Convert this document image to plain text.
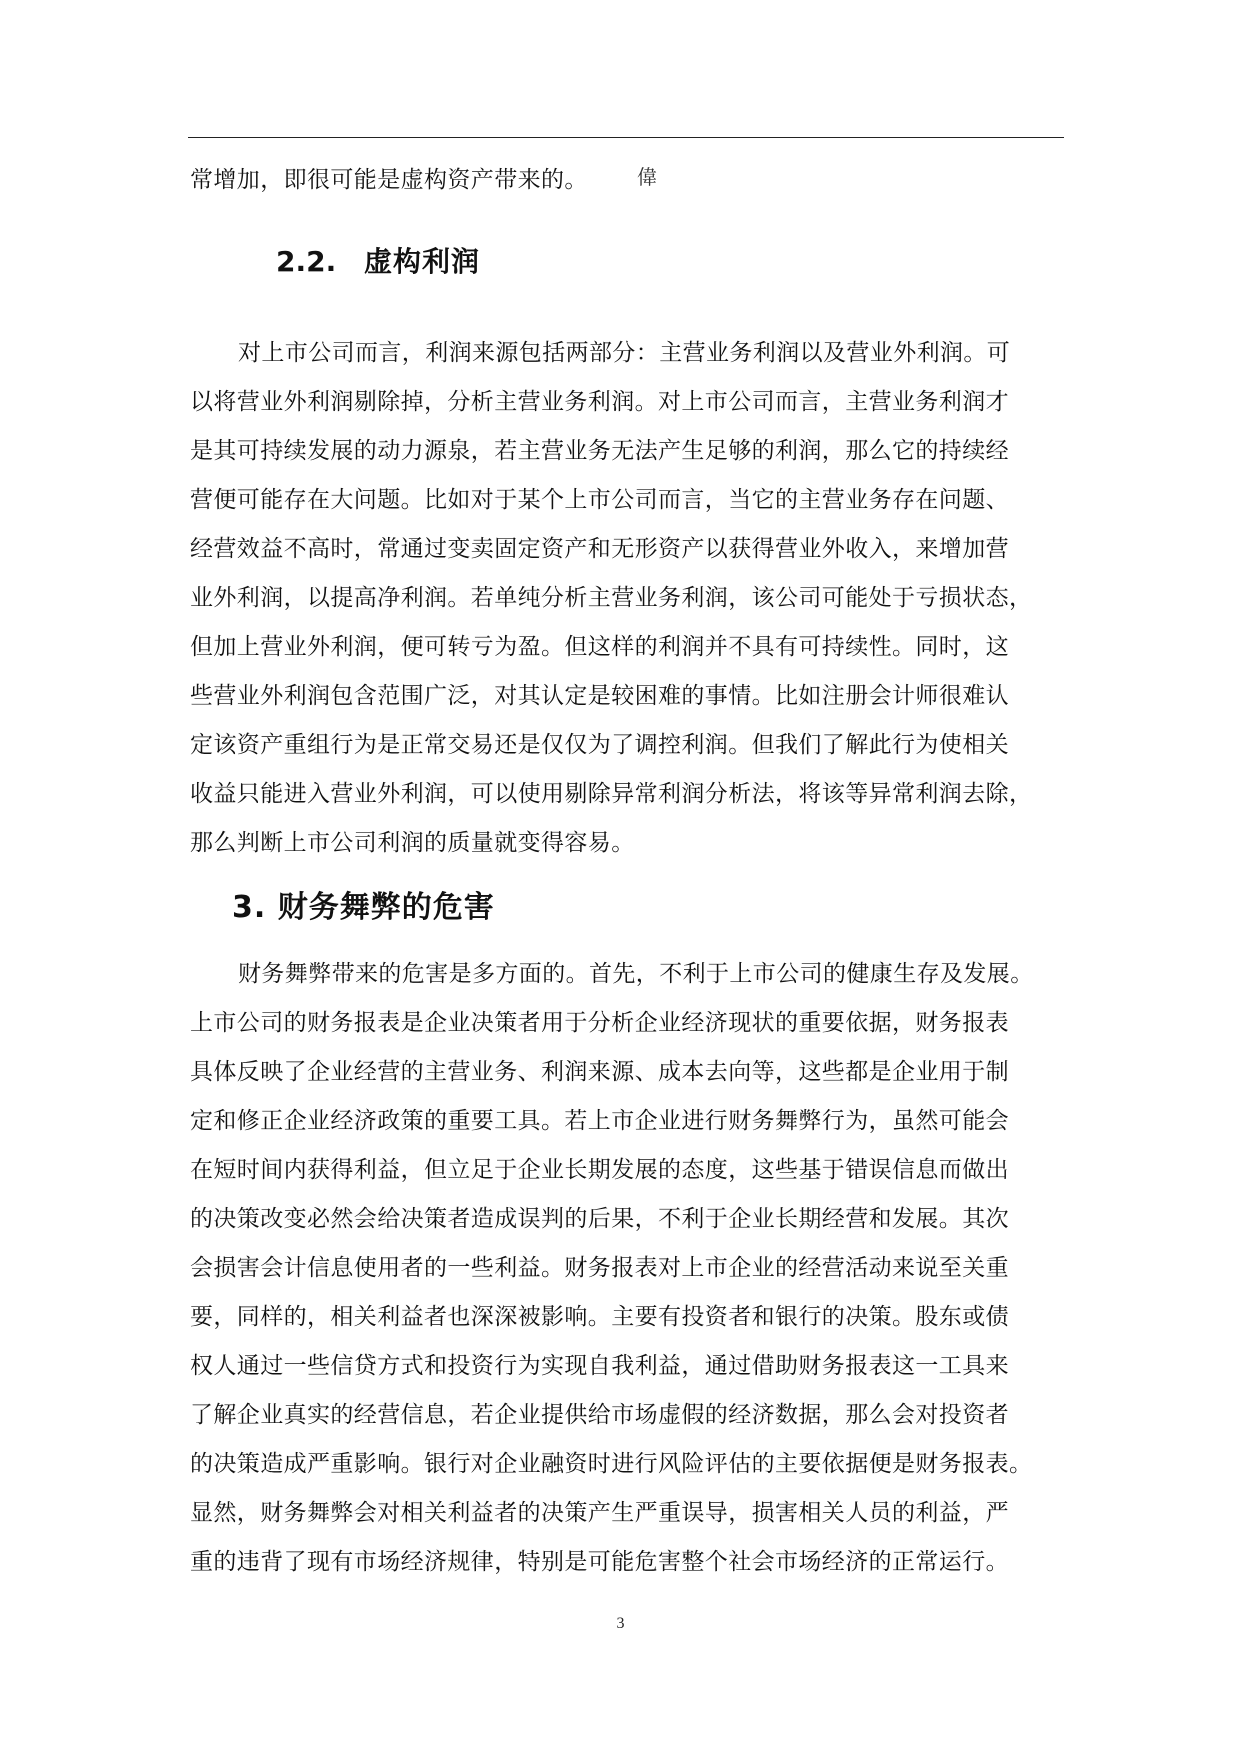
常增加，即很可能是虚构资产带来的。 偉
2.2. 虚构利润
对上市公司而言，利润来源包括两部分：主营业务利润以及营业外利润。可
以将营业外利润剔除掉，分析主营业务利润。对上市公司而言，主营业务利润才
是其可持续发展的动力源泉，若主营业务无法产生足够的利润，那么它的持续经
营便可能存在大问题。比如对于某个上市公司而言，当它的主营业务存在问题、
经营效益不高时，常通过变卖固定资产和无形资产以获得营业外收入，来增加营
业外利润，以提高净利润。若单纯分析主营业务利润，该公司可能处于亏损状态，
但加上营业外利润，便可转亏为盈。但这样的利润并不具有可持续性。同时，这
些营业外利润包含范围广泛，对其认定是较困难的事情。比如注册会计师很难认
定该资产重组行为是正常交易还是仅仅为了调控利润。但我们了解此行为使相关
收益只能进入营业外利润，可以使用剔除异常利润分析法，将该等异常利润去除，
那么判断上市公司利润的质量就变得容易。
3. 财务舞弊的危害
财务舞弊带来的危害是多方面的。首先，不利于上市公司的健康生存及发展。
上市公司的财务报表是企业决策者用于分析企业经济现状的重要依据，财务报表
具体反映了企业经营的主营业务、利润来源、成本去向等，这些都是企业用于制
定和修正企业经济政策的重要工具。若上市企业进行财务舞弊行为，虽然可能会
在短时间内获得利益，但立足于企业长期发展的态度，这些基于错误信息而做出
的决策改变必然会给决策者造成误判的后果，不利于企业长期经营和发展。其次
会损害会计信息使用者的一些利益。财务报表对上市企业的经营活动来说至关重
要，同样的，相关利益者也深深被影响。主要有投资者和银行的决策。股东或债
权人通过一些信贷方式和投资行为实现自我利益，通过借助财务报表这一工具来
了解企业真实的经营信息，若企业提供给市场虚假的经济数据，那么会对投资者
的决策造成严重影响。银行对企业融资时进行风险评估的主要依据便是财务报表。
显然，财务舞弊会对相关利益者的决策产生严重误导，损害相关人员的利益，严
重的违背了现有市场经济规律，特别是可能危害整个社会市场经济的正常运行。
3
